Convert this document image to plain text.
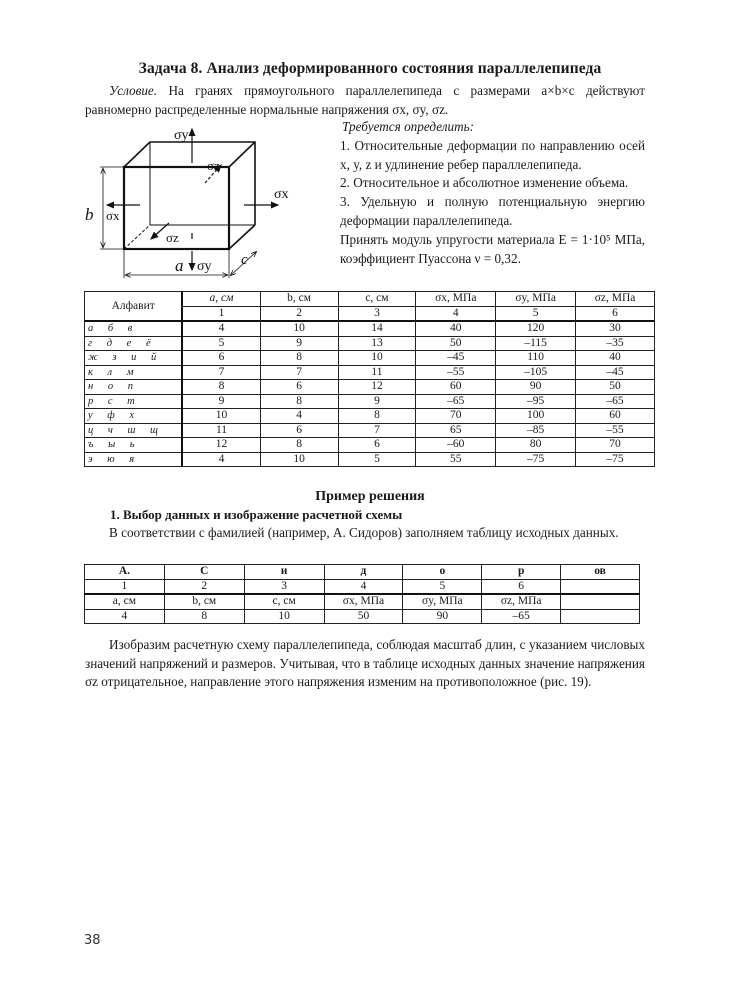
Задача 8. Анализ деформированного состояния параллелепипеда
Условие. На гранях прямоугольного параллелепипеда с размерами a×b×c действуют равномерно распределенные нормальные напряжения σx, σy, σz.
σy
σz
σx
σx
σz
σy
b
a	c

Требуется определить:

1. Относительные деформации по направлению осей x, y, z и удлинение ребер параллелепипеда.

2. Относительное и абсолютное изменение объема.

3. Удельную и полную потенциальную энергию деформации параллелепипеда.

Принять модуль упругости материала E = 1·10⁵ МПа, коэффициент Пуассона ν = 0,32.

Алфавит	a, см	b, см	c, см	σx, МПа	σy, МПа	σz, МПа
	1	2	3	4	5	6
а б в	4	10	14	40	120	30
г д е ё	5	9	13	50	–115	–35
ж з и й	6	8	10	–45	110	40
к л м	7	7	11	–55	–105	–45
н о п	8	6	12	60	90	50
р с т	9	8	9	–65	–95	–65
у ф х	10	4	8	70	100	60
ц ч ш щ	11	6	7	65	–85	–55
ъ ы ь	12	8	6	–60	80	70
э ю я	4	10	5	55	–75	–75
Пример решения
1. Выбор данных и изображение расчетной схемы
В соответствии с фамилией (например, А. Сидоров) заполняем таблицу исходных данных.
А.	С	и	д	о	р	ов
1	2	3	4	5	6	
a, см	b, см	c, см	σx, МПа	σy, МПа	σz, МПа	
4	8	10	50	90	–65	
Изобразим расчетную схему параллелепипеда, соблюдая масштаб длин, с указанием числовых значений напряжений и размеров. Учитывая, что в таблице исходных данных значение напряжения σz отрицательное, направление этого напряжения изменим на противоположное (рис. 19).
38
